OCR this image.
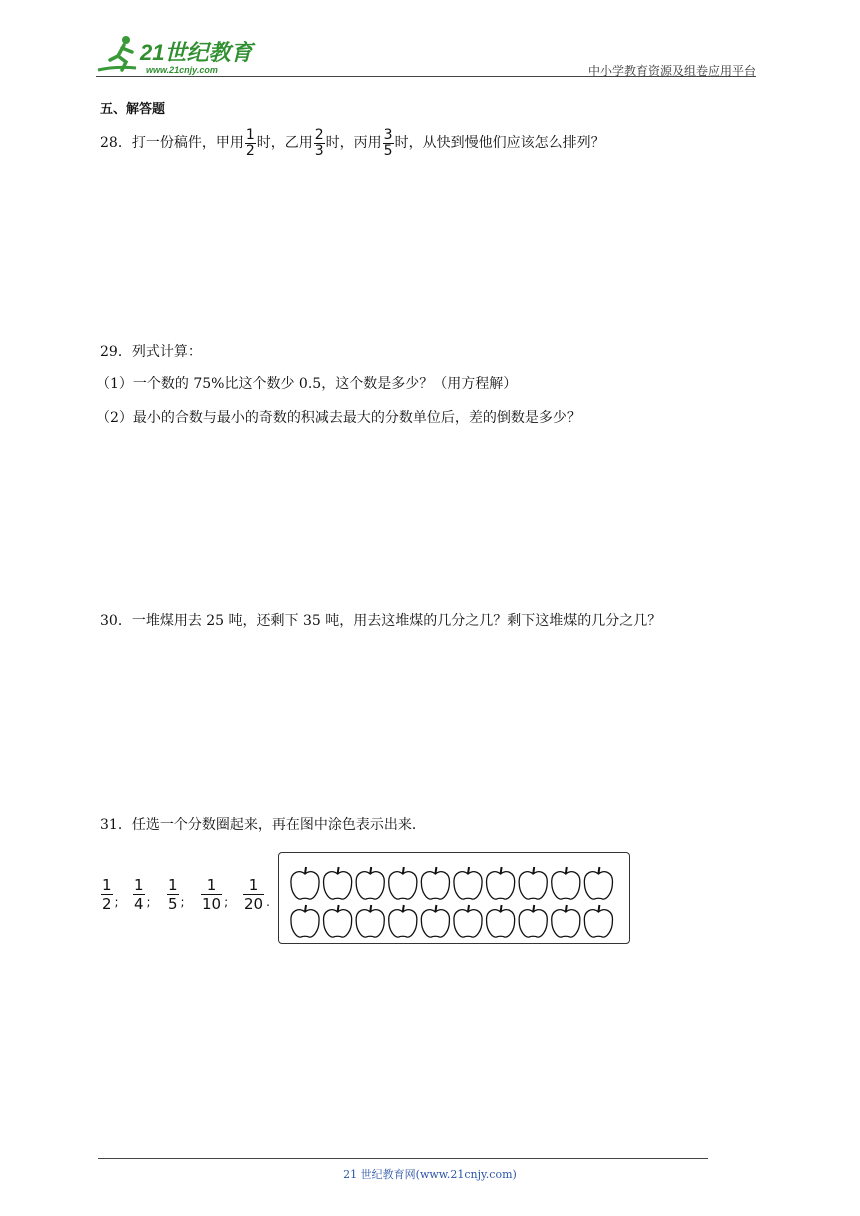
21世纪教育
www.21cnjy.com	中小学教育资源及组卷应用平台
五、解答题
28．打一份稿件，甲用 $\frac{1}{2}$ 时，乙用 $\frac{2}{3}$ 时，丙用 $\frac{3}{5}$ 时，从快到慢他们应该怎么排列？
29．列式计算：
（1）一个数的 75%比这个数少 0.5，这个数是多少？（用方程解）
（2）最小的合数与最小的奇数的积减去最大的分数单位后，差的倒数是多少？
30．一堆煤用去 25 吨，还剩下 35 吨，用去这堆煤的几分之几？剩下这堆煤的几分之几？
31．任选一个分数圈起来，再在图中涂色表示出来．
$\frac{1}{2}$ ; $\frac{1}{4}$ ; $\frac{1}{5}$ ; $\frac{1}{10}$ ; $\frac{1}{20}$ .
21 世纪教育网(www.21cnjy.com)
